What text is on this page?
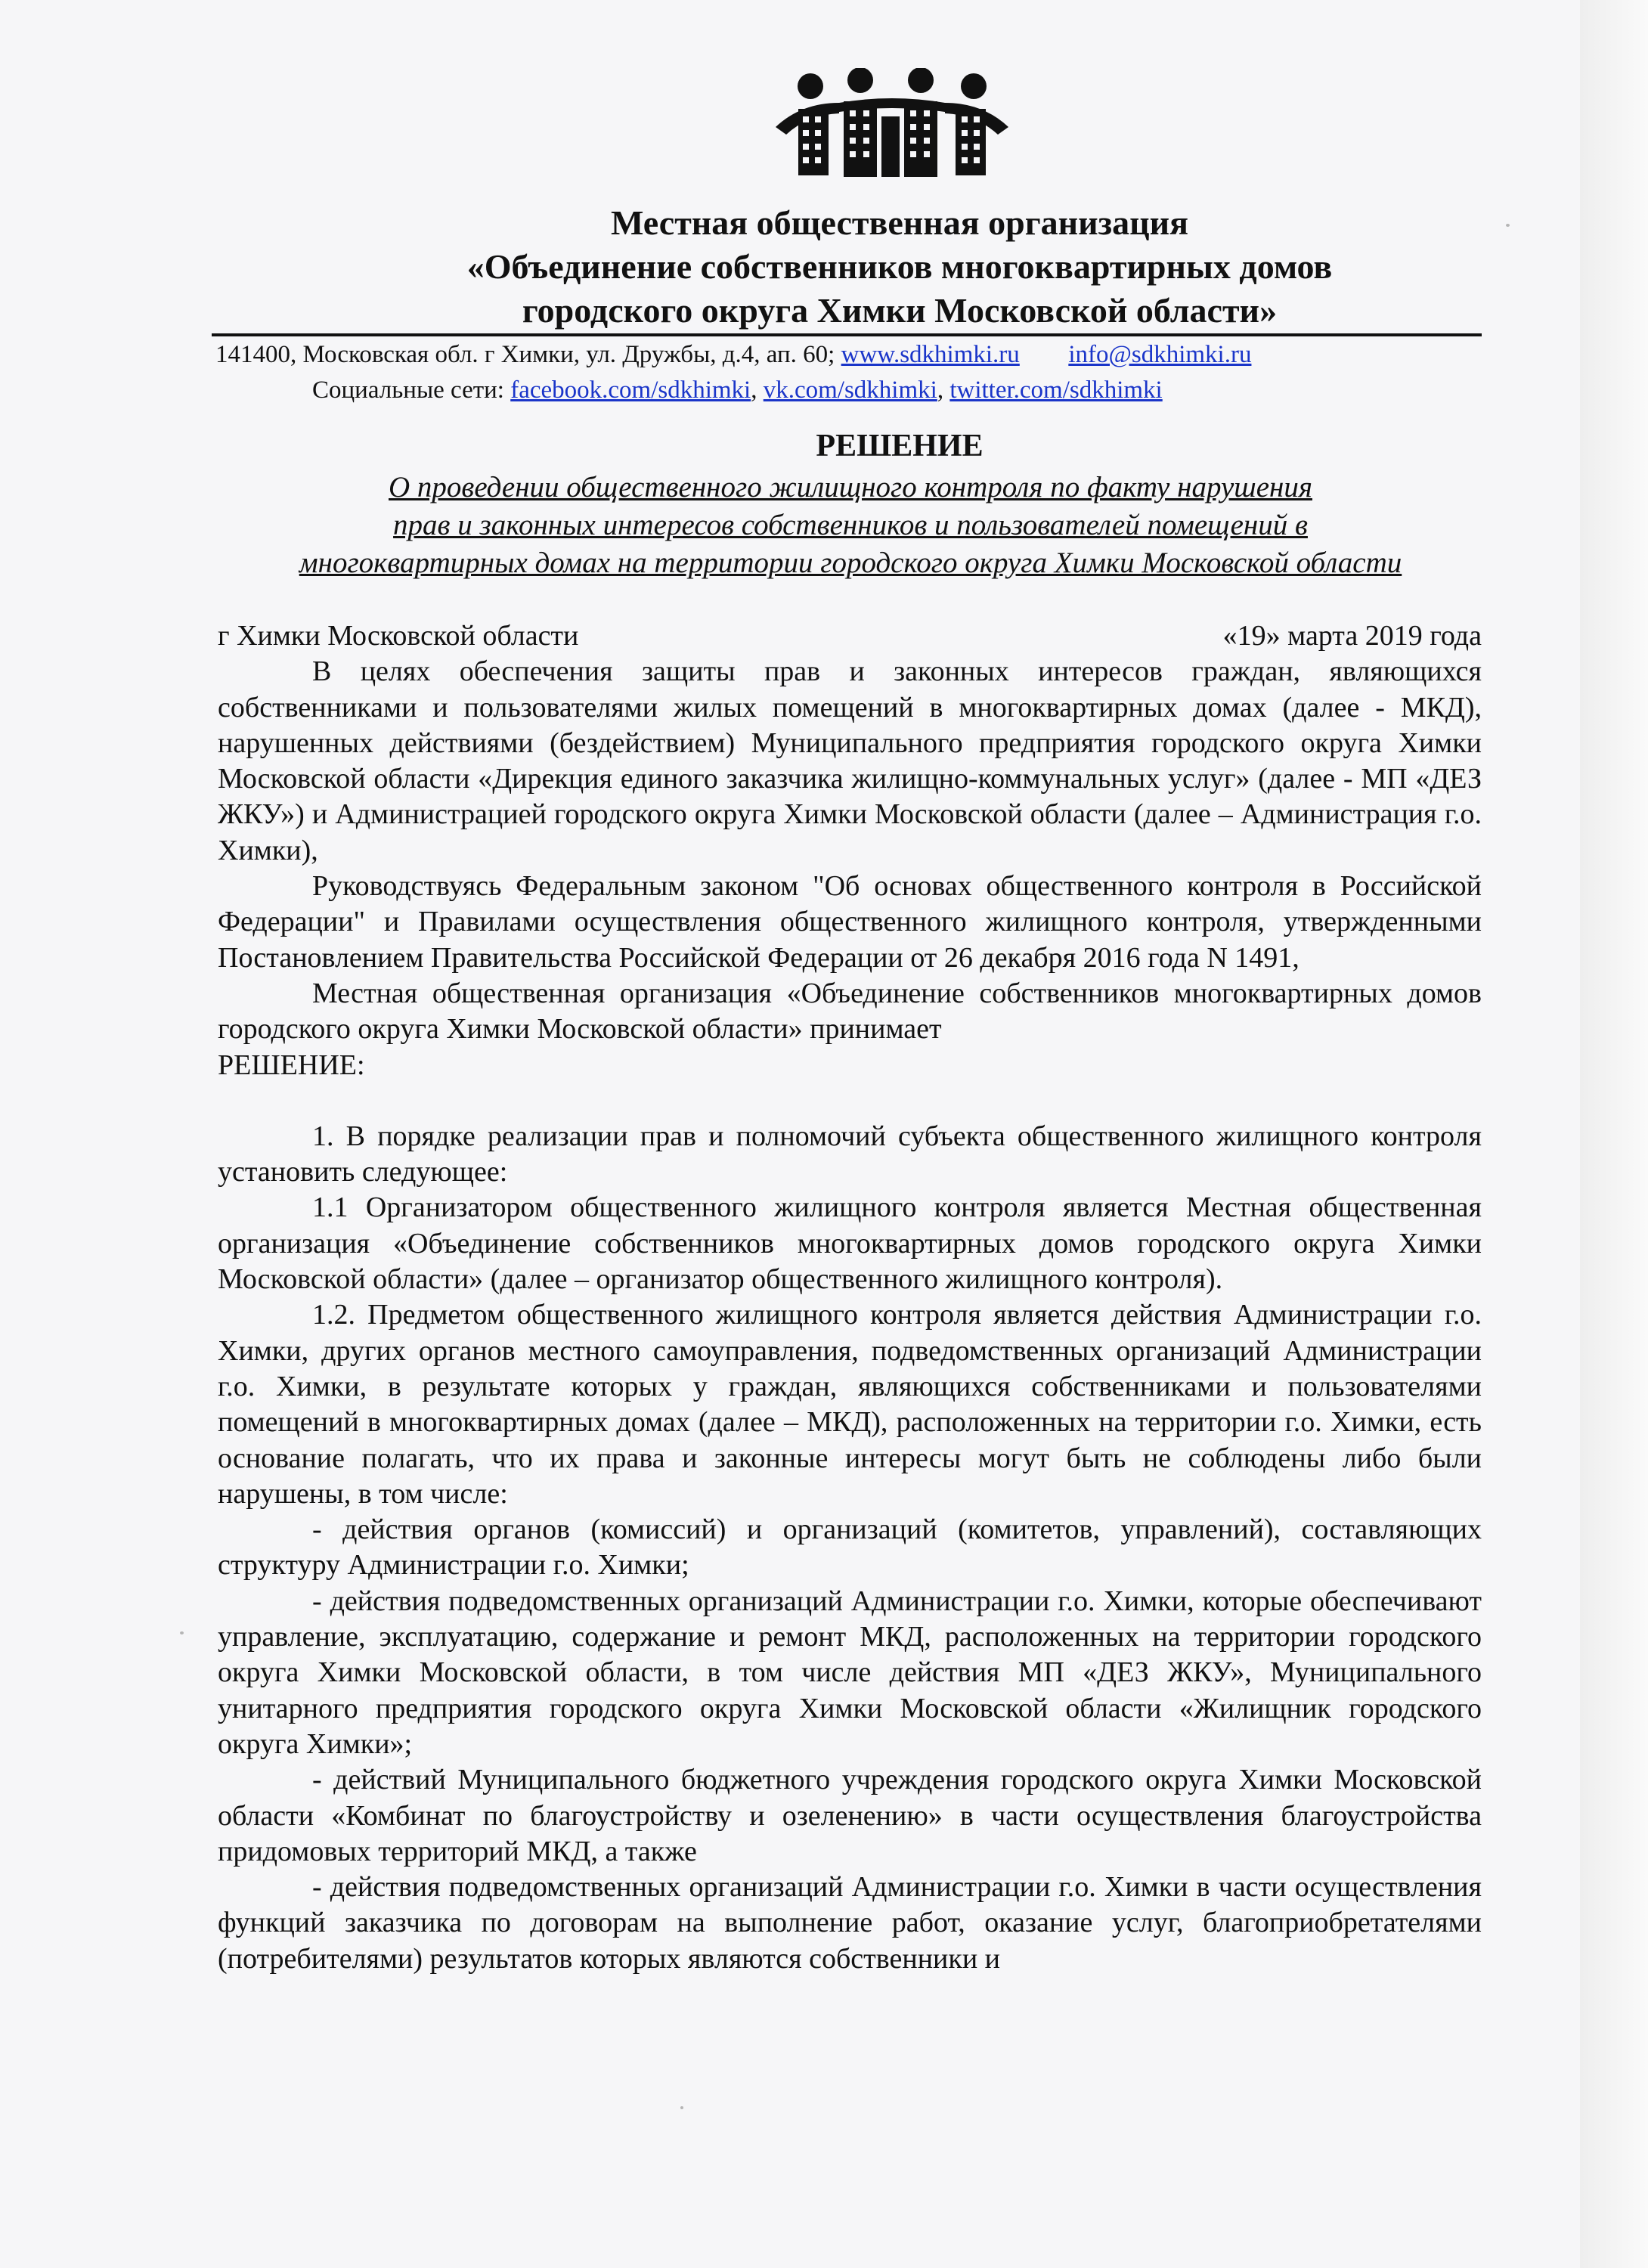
Местная общественная организация
«Объединение собственников многоквартирных домов
городского округа Химки Московской области»
141400, Московская обл. г Химки, ул. Дружбы, д.4, ап. 60; www.sdkhimki.ru info@sdkhimki.ru
Социальные сети: facebook.com/sdkhimki, vk.com/sdkhimki, twitter.com/sdkhimki
РЕШЕНИЕ
О проведении общественного жилищного контроля по факту нарушения
прав и законных интересов собственников и пользователей помещений в
многоквартирных домах на территории городского округа Химки Московской области
г Химки Московской области	«19» марта 2019 года

В целях обеспечения защиты прав и законных интересов граждан, являющихся собственниками и пользователями жилых помещений в многоквартирных домах (далее - МКД), нарушенных действиями (бездействием) Муниципального предприятия городского округа Химки Московской области «Дирекция единого заказчика жилищно-коммунальных услуг» (далее - МП «ДЕЗ ЖКУ») и Администрацией городского округа Химки Московской области (далее – Администрация г.о. Химки),

Руководствуясь Федеральным законом "Об основах общественного контроля в Российской Федерации" и Правилами осуществления общественного жилищного контроля, утвержденными Постановлением Правительства Российской Федерации от 26 декабря 2016 года N 1491,

Местная общественная организация «Объединение собственников многоквартирных домов городского округа Химки Московской области» принимает

РЕШЕНИЕ:

1. В порядке реализации прав и полномочий субъекта общественного жилищного контроля установить следующее:

1.1 Организатором общественного жилищного контроля является Местная общественная организация «Объединение собственников многоквартирных домов городского округа Химки Московской области» (далее – организатор общественного жилищного контроля).

1.2. Предметом общественного жилищного контроля является действия Администрации г.о. Химки, других органов местного самоуправления, подведомственных организаций Администрации г.о. Химки, в результате которых у граждан, являющихся собственниками и пользователями помещений в многоквартирных домах (далее – МКД), расположенных на территории г.о. Химки, есть основание полагать, что их права и законные интересы могут быть не соблюдены либо были нарушены, в том числе:

- действия органов (комиссий) и организаций (комитетов, управлений), составляющих структуру Администрации г.о. Химки;

- действия подведомственных организаций Администрации г.о. Химки, которые обеспечивают управление, эксплуатацию, содержание и ремонт МКД, расположенных на территории городского округа Химки Московской области, в том числе действия МП «ДЕЗ ЖКУ», Муниципального унитарного предприятия городского округа Химки Московской области «Жилищник городского округа Химки»;

- действий Муниципального бюджетного учреждения городского округа Химки Московской области «Комбинат по благоустройству и озеленению» в части осуществления благоустройства придомовых территорий МКД, а также

- действия подведомственных организаций Администрации г.о. Химки в части осуществления функций заказчика по договорам на выполнение работ, оказание услуг, благоприобретателями (потребителями) результатов которых являются собственники и
